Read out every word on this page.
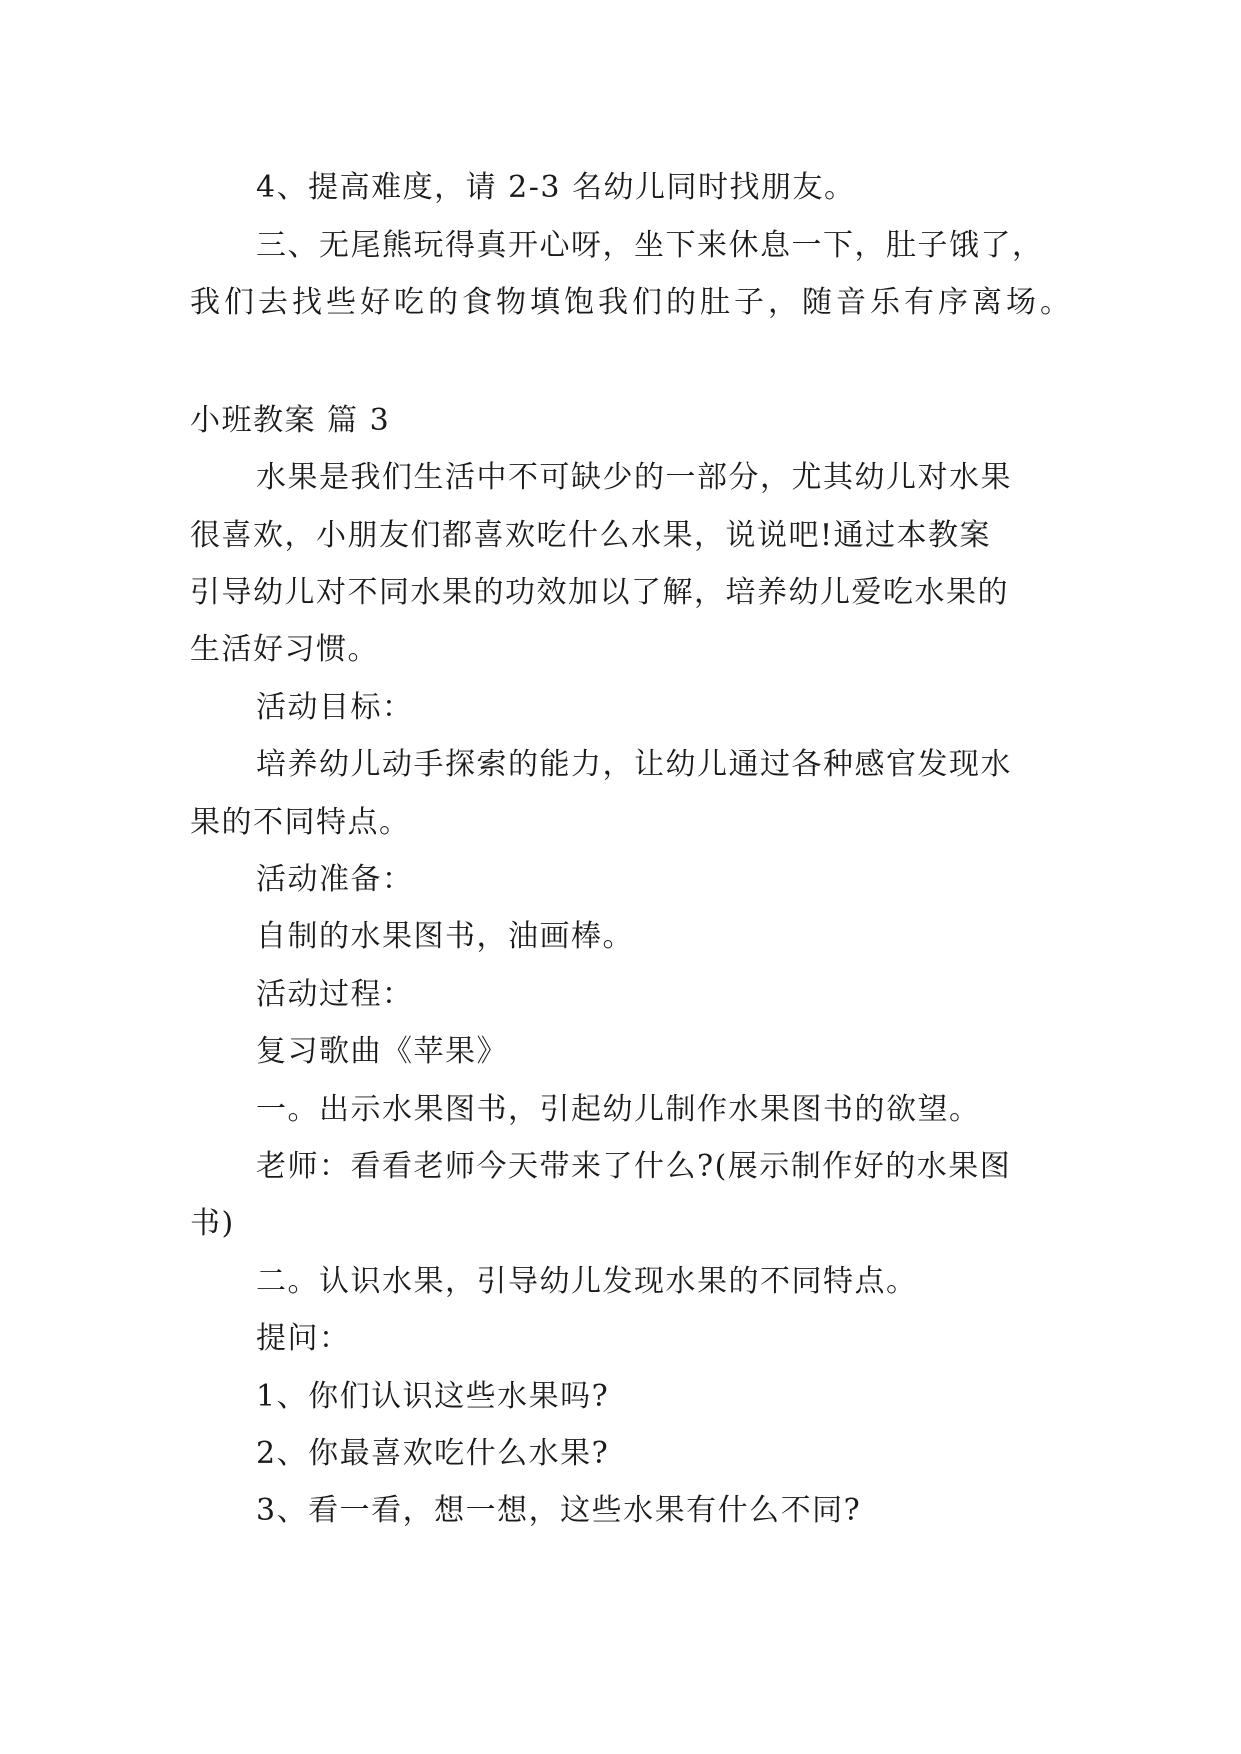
4、提高难度，请 2-3 名幼儿同时找朋友。
三、无尾熊玩得真开心呀，坐下来休息一下，肚子饿了，
我们去找些好吃的食物填饱我们的肚子，随音乐有序离场。
小班教案 篇 3
水果是我们生活中不可缺少的一部分，尤其幼儿对水果
很喜欢，小朋友们都喜欢吃什么水果，说说吧!通过本教案
引导幼儿对不同水果的功效加以了解，培养幼儿爱吃水果的
生活好习惯。
活动目标：
培养幼儿动手探索的能力，让幼儿通过各种感官发现水
果的不同特点。
活动准备：
自制的水果图书，油画棒。
活动过程：
复习歌曲《苹果》
一。出示水果图书，引起幼儿制作水果图书的欲望。
老师：看看老师今天带来了什么?(展示制作好的水果图
书)
二。认识水果，引导幼儿发现水果的不同特点。
提问：
1、你们认识这些水果吗?
2、你最喜欢吃什么水果?
3、看一看，想一想，这些水果有什么不同?
